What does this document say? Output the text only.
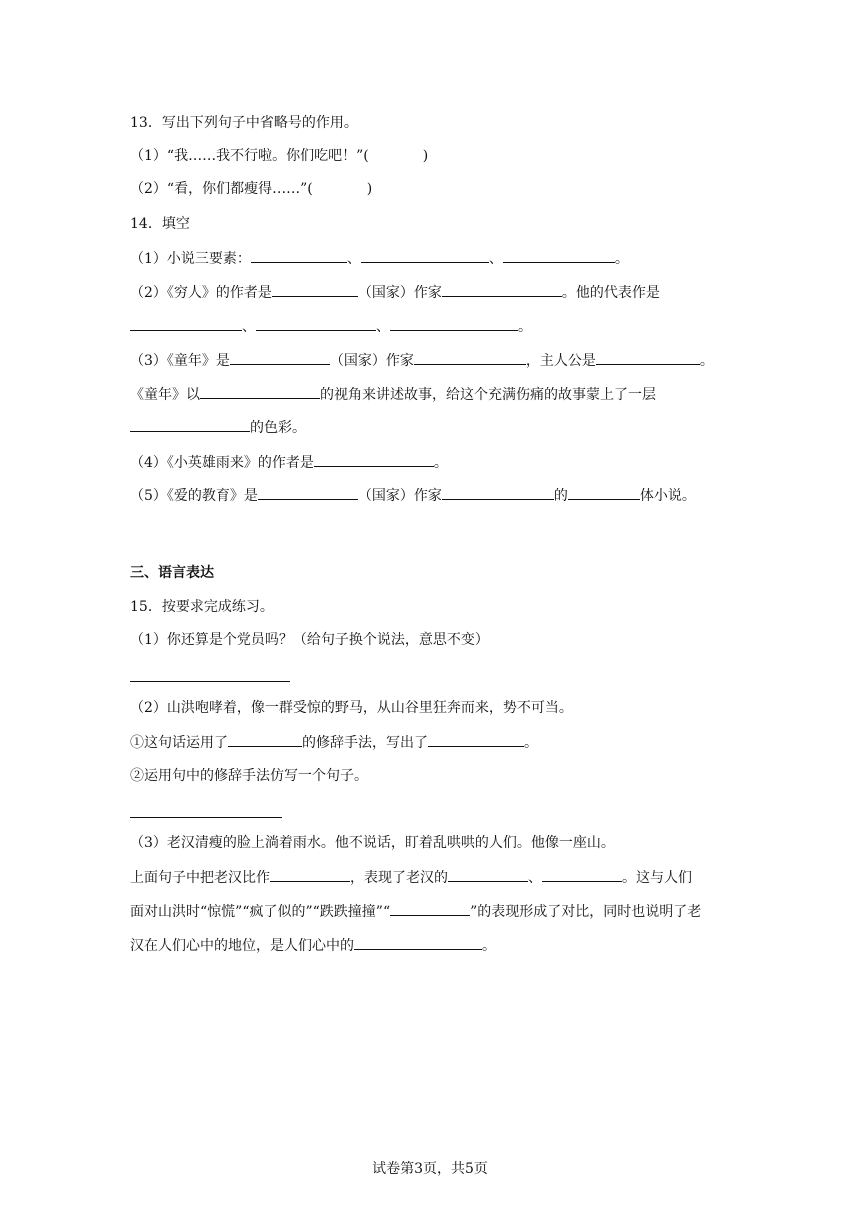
13．写出下列句子中省略号的作用。
（1）“我……我不行啦。你们吃吧！”(	)
（2）“看，你们都瘦得……”(	)
14．填空
（1）小说三要素：	、	、	。
（2）《穷人》的作者是	（国家）作家	。他的代表作是
、	、	。
（3）《童年》是	（国家）作家	，主人公是	。
《童年》以	的视角来讲述故事，给这个充满伤痛的故事蒙上了一层
的色彩。
（4）《小英雄雨来》的作者是	。
（5）《爱的教育》是	（国家）作家	的	体小说。
三、语言表达
15．按要求完成练习。
（1）你还算是个党员吗？（给句子换个说法，意思不变）
（2）山洪咆哮着，像一群受惊的野马，从山谷里狂奔而来，势不可当。
①这句话运用了	的修辞手法，写出了	。
②运用句中的修辞手法仿写一个句子。
（3）老汉清瘦的脸上淌着雨水。他不说话，盯着乱哄哄的人们。他像一座山。
上面句子中把老汉比作	，表现了老汉的	、	。这与人们
面对山洪时“惊慌”“疯了似的”“跌跌撞撞”“	”的表现形成了对比，同时也说明了老
汉在人们心中的地位，是人们心中的	。
试卷第3页，共5页
